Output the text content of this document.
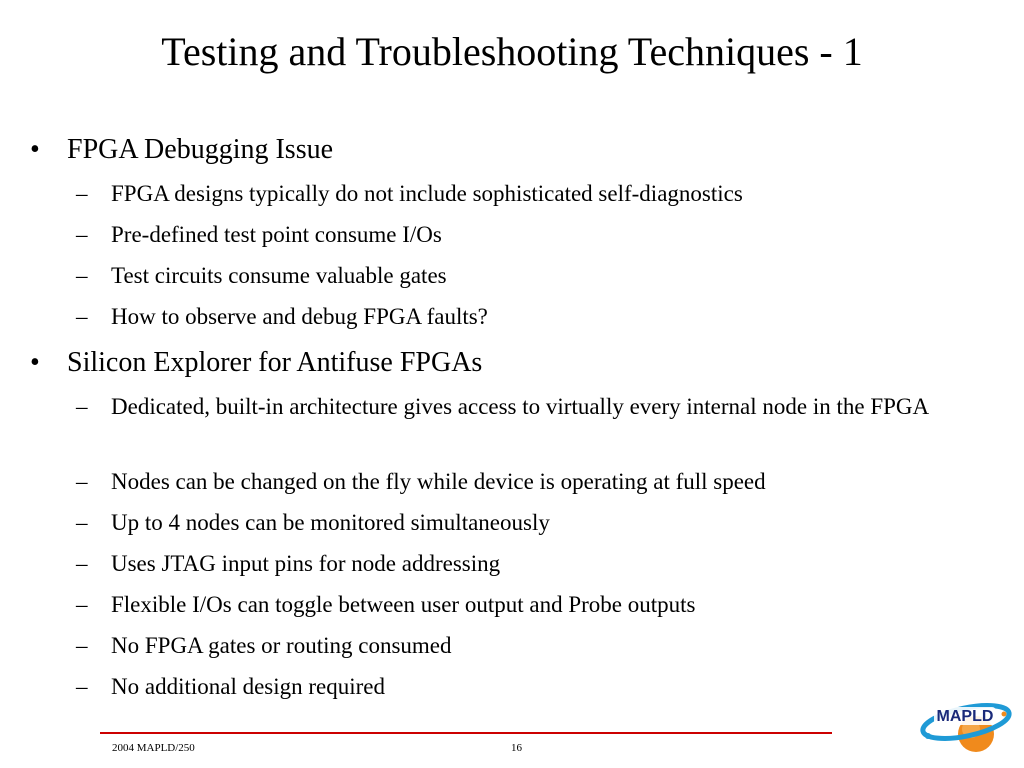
Testing and Troubleshooting Techniques - 1
• FPGA Debugging Issue
–	FPGA designs typically do not include sophisticated self-diagnostics
–	Pre-defined test point consume I/Os
–	Test circuits consume valuable gates
–	How to observe and debug FPGA faults?
• Silicon Explorer for Antifuse FPGAs
–	Dedicated, built-in architecture gives access to virtually every internal node in the FPGA
–	Nodes can be changed on the fly while device is operating at full speed
–	Up to 4 nodes can be monitored simultaneously
–	Uses JTAG input pins for node addressing
–	Flexible I/Os can toggle between user output and Probe outputs
–	No FPGA gates or routing consumed
–	No additional design required
2004 MAPLD/250	16
MAPLD
